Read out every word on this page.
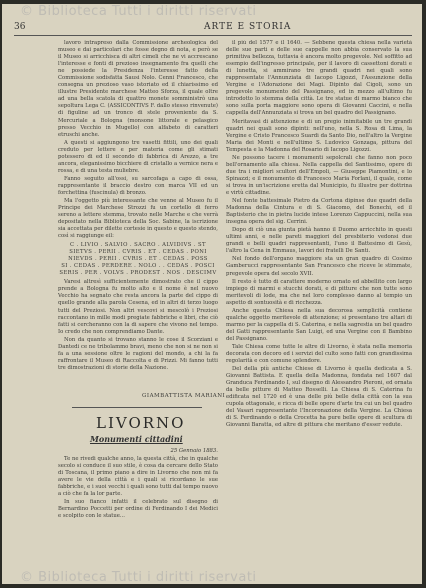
© Biblioteca Tutti i diritti riservati
36	ARTE E STORIA

lavoro intrapreso dalla Commissione archeologica del museo e dai particolari che fosse degno di nota, e però se il Museo si arricchisca di altri cimeli che ne vi accrescano l'interesse e fonti di prezioso insegnamento fra quelli che ne possiede la Presidenza l'interesse fatto della Commissione sodisfatta Sausi Nolo. Cenni Francesco, che consegna un prezioso vaso istoriato ed il chiarissimo ed illustre Presidente marchese Matteo Sforza, il quale oltre ad una bella scatola di quattro monete somministrò una sepoltura Lega C. (ASSICONTIVS F. dallo stesso rinvenute) di figuline ad un tronco di stele proveniente da S. Mercuriale a Bologna (monsone littorale e pelasgico presso Vecchio in Mugello) con alfabeto di caratteri etruschi anche.

A questi si aggiungono tre vasetti fittili, uno dei quali creduto per lettere e per materia come gli stimati potessero di ed il secondo di fabbrica di Arezzo, a tre ancora, eleganissimo bicchiere di cristallo a vernice nera e rossa, e di una testa muliebre.

Fanno seguito all'ossi, su sarcofaga a capo di ossa, rappresentante il braccio destro con marca VII ed un forchettina (fuscinula) di bronzo.

Ma l'oggetto più interessante che venne al Museo fu il Principe dei Marchese Strozzi fu un cortello di ferro sereno a lettere stemma, trovato nelle Marche e che verrà depositato nella Biblioteca della Soc. Sabine, la iscrizione sia accettata per dilette cortesie in questo e questo stendo, così si raggiunge eil:

C . LIVIO . SALVIO . SACRO . ALVIDIVS . ST
SIETVS . PERII . CVRIS . ET . CEDAS . PONI
NIEVDS . PERII . CVRIS . ET . CEDAS . POSS
SI . CEDAS . PERDERE . NOLO . . CEDAS . POSCI
SERIS . PER . VOLVS . PRODEST . NOS . DESCIMV

Varesi altresì sufficientemente dimostrato che il cippo prende a Bologna fu molto alto e il nome è nel nuovo Vecchio ha segnato che resta ancora la parte del cippo di quello grande alla parola Cesena, ed in altri di terzo luogo tutti del Preziosi. Non altri vescovi si mescolò i Preziosi raccontano in mille modi pregiate fabbriche e libri, che ciò fatti si cercheranno con la di sapere che vivono nel tempo. Io credo che non comprendiamo Dante.

Non da quanto si trovano stanno le cose il Scorziani e Dantedi ce ne tribolammo bravi, meno che non si ne non si fa a una sessione oltre le ragioni del mondo, a chi la fa raffrontare il Museo di Raccolta e di Prizzi. Mi fanno tutti tre dimostrazioni di storie della Nazione.

GIAMBATTISTA MARIANI
LIVORNO
Monumenti cittadini

25 Gennaio 1883.

Te ne rivedi qualche anno, la questa città, che in qualche secolo si conduce il suo stile, è cosa da cercare dello Stato di Toscana, il primo piano a dire in Livorno che non mi fa avere le vie della città e i quali si ricordano le sue fabbriche, e i suoi vecchi i quali sono tutti dal tempo nuovo a ciò che fa la lor parte.

In suo fianco infatti il celebrato sul disegno di Bernardino Poccetti per ordine di Ferdinando I dei Medici e scolpito con le statue...

il più del 1577 e il 1640. — Sebbene questa chiesa nella varietà delle sue parti e delle sue cappelle non abbia conservato la sua primitiva bellezza, tuttavia è ancora molto pregevole. Nel soffitto ad esempio dell'ingresso principale, per il lavoro di cassettoni dorati e di lunetta, si ammirano tre grandi quadri nei quali sono rappresentate l'Annunziata di Iacopo Ligozzi, l'Assunzione della Vergine e l'Adorazione dei Magi. Dipinto dal Cigoli, sono un pregevole monumento del Passignano, ed in mezzo all'ultimo fu introdotto lo stemma della città. Le tre statue di marmo bianco che sono sulla porta maggiore sono opera di Giovanni Caccini, e nella cappella dell'Annunziata si trova un bel quadro del Passignano.

Meritavasi di attenzione e di un pregio inimitabile un tre grandi quadri nei quali sono dipinti: nell'uno, nella S. Rosa di Lima, la Vergine e Cristo Francesco Suardi da Santo Dio, nell'altro la Vergine Maria dei Monti e nell'ultimo S. Ludovico Gonzaga, pittura del Tempesta e la Madonna del Rosario di Iacopo Ligozzi.

Ne possono tacere i monumenti sepolcrali che fanno non poco bell'ornamento alla chiesa. Nella cappella del Santissimo, opere di due tra i migliori scultori dell'Empoli, — Giuseppe Piamontini, e lo Spinazzi; e il monumento di Francesco Maria Forlani, il quale, come si trova in un'iscrizione eretta dal Municipio, fu illustre per dottrina e virtù cittadine.

Nel fonte battesimale Pietro da Cortona dipinse due quadri della Madonna della Cintura e di S. Giacomo, del Bonechi, ed il Baptisterio che in pietra lucide intese Lorenzo Cappuccini, nella sua insegna opera del sig. Cerrini.

Dopo di ciò una giunta pietà hanno il Duomo arricchito in questi ultimi anni, e nelle pareti maggiori del presbiterio vedonsi due grandi e belli quadri rappresentanti, l'uno il Battesimo di Gesù, l'altro la Cena in Emmaus, lavori dei fratelli De Santi.

Nel fondo dell'organo maggiore sta un gran quadro di Cosimo Gamberucci rappresentante San Francesco che riceve le stimmate, pregevole opera del secolo XVII.

Il resto è tutto di carattere moderno ornato ed abbellito con largo impiego di marmi e stucchi dorati, e di pitture che non tutte sono meritevoli di lode, ma che nel loro complesso danno al tempio un aspetto di sontuosità e di ricchezza.

Anche questa Chiesa nella sua decorosa semplicità contiene qualche oggetto meritevole di attenzione; si presentano tre altari di marmo per la cappella di S. Caterina, e nella sagrestia un bel quadro del Gatti rappresentante San Luigi, ed una Vergine con il Bambino del Passignano.

Tale Chiesa come tutte le altre di Livorno, è stata nella memoria decorata con decoro ed i servizi del culto sono fatti con grandissima regolarità e con comune splendore.

Del della più antiche Chiese di Livorno è quella dedicata a S. Giovanni Battista. E quella della Madonna, fondata nel 1607 dal Granduca Ferdinando I, sul disegno di Alessandro Pieroni, ed ornata da belle pitture di Matteo Rosselli. La Chiesa di S. Caterina fu edificata nel 1720 ed è una delle più belle della città con la sua cupola ottagonale, e ricca di belle opere d'arte tra cui un bel quadro del Vasari rappresentante l'Incoronazione della Vergine. La Chiesa di S. Ferdinando o della Crocetta ha pure belle opere di scultura di Giovanni Baratta, ed altre di pittura che meritano d'esser vedute.

© Biblioteca Tutti i diritti riservati
